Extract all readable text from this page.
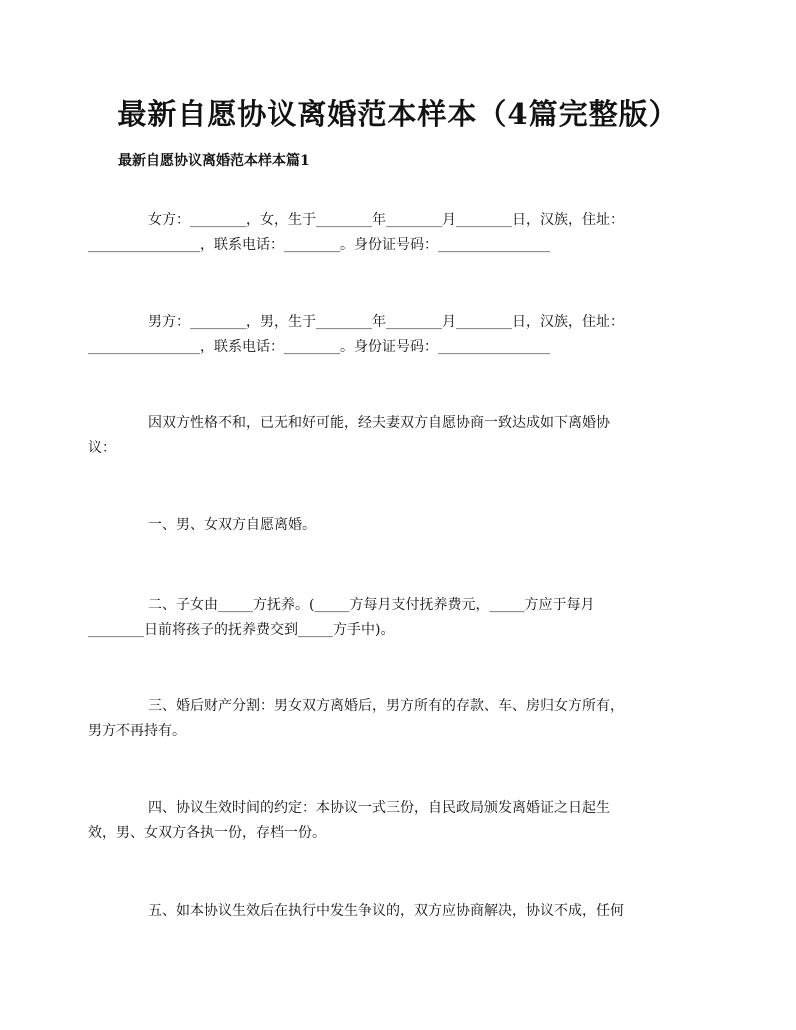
最新自愿协议离婚范本样本（4篇完整版）
最新自愿协议离婚范本样本篇1

女方：________，女，生于________年________月________日，汉族，住址：
________________，联系电话：________。身份证号码：________________

男方：________，男，生于________年________月________日，汉族，住址：
________________，联系电话：________。身份证号码：________________

因双方性格不和，已无和好可能，经夫妻双方自愿协商一致达成如下离婚协
议：

一、男、女双方自愿离婚。

二、子女由_____方抚养。(_____方每月支付抚养费元，_____方应于每月
________日前将孩子的抚养费交到_____方手中)。

三、婚后财产分割：男女双方离婚后，男方所有的存款、车、房归女方所有，
男方不再持有。

四、协议生效时间的约定：本协议一式三份，自民政局颁发离婚证之日起生
效，男、女双方各执一份，存档一份。

五、如本协议生效后在执行中发生争议的，双方应协商解决，协议不成，任何
